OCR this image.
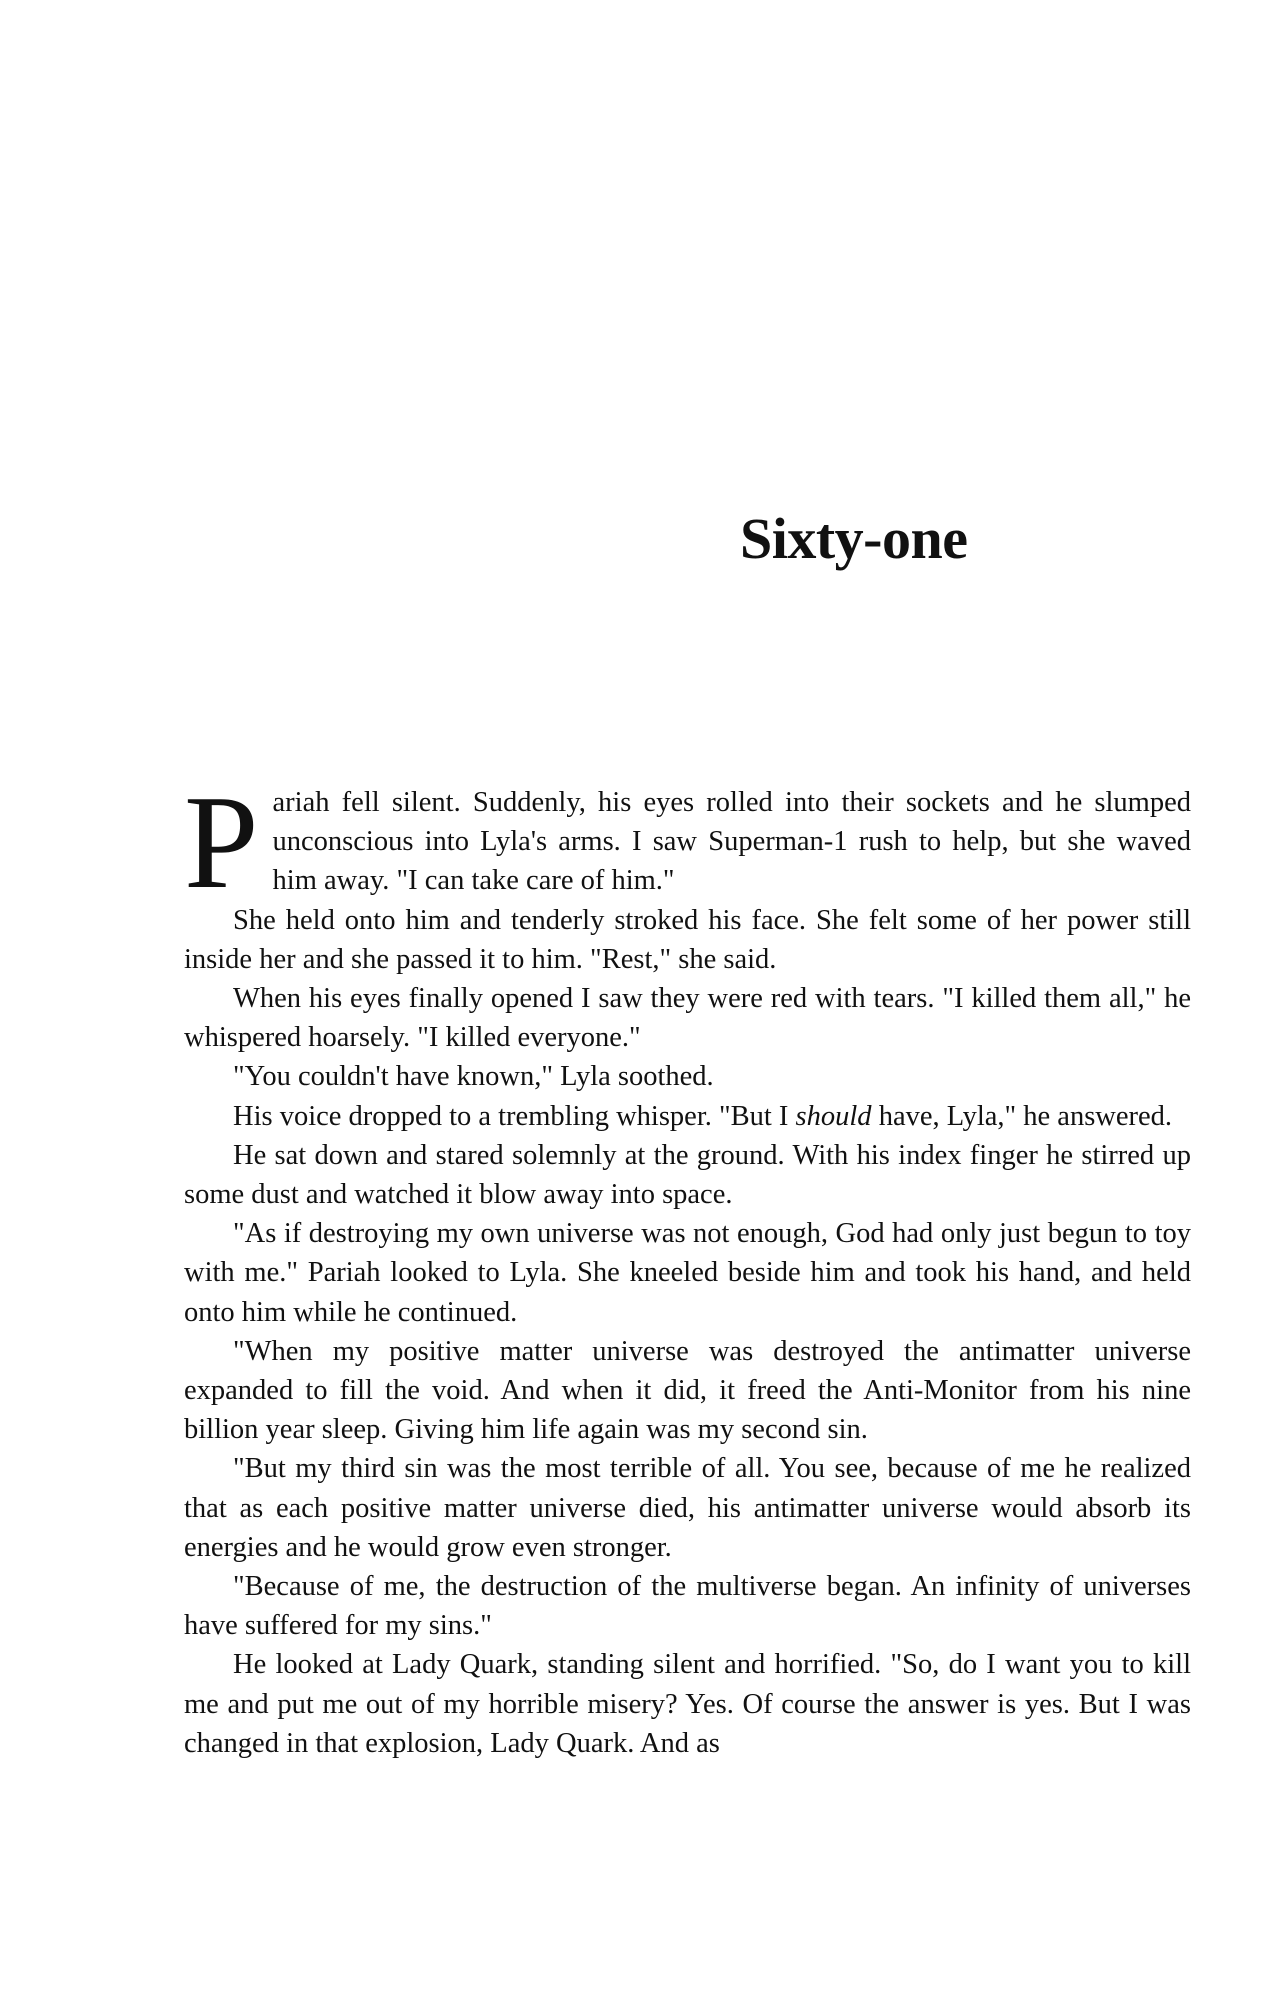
Sixty-one

Pariah fell silent. Suddenly, his eyes rolled into their sockets and he slumped unconscious into Lyla's arms. I saw Superman-1 rush to help, but she waved him away. "I can take care of him."

She held onto him and tenderly stroked his face. She felt some of her power still inside her and she passed it to him. "Rest," she said.

When his eyes finally opened I saw they were red with tears. "I killed them all," he whispered hoarsely. "I killed everyone."

"You couldn't have known," Lyla soothed.

His voice dropped to a trembling whisper. "But I should have, Lyla," he answered.

He sat down and stared solemnly at the ground. With his index finger he stirred up some dust and watched it blow away into space.

"As if destroying my own universe was not enough, God had only just begun to toy with me." Pariah looked to Lyla. She kneeled beside him and took his hand, and held onto him while he continued.

"When my positive matter universe was destroyed the antimatter universe expanded to fill the void. And when it did, it freed the Anti-Monitor from his nine billion year sleep. Giving him life again was my second sin.

"But my third sin was the most terrible of all. You see, because of me he realized that as each positive matter universe died, his antimatter universe would absorb its energies and he would grow even stronger.

"Because of me, the destruction of the multiverse began. An infinity of universes have suffered for my sins."

He looked at Lady Quark, standing silent and horrified. "So, do I want you to kill me and put me out of my horrible misery? Yes. Of course the answer is yes. But I was changed in that explosion, Lady Quark. And as
